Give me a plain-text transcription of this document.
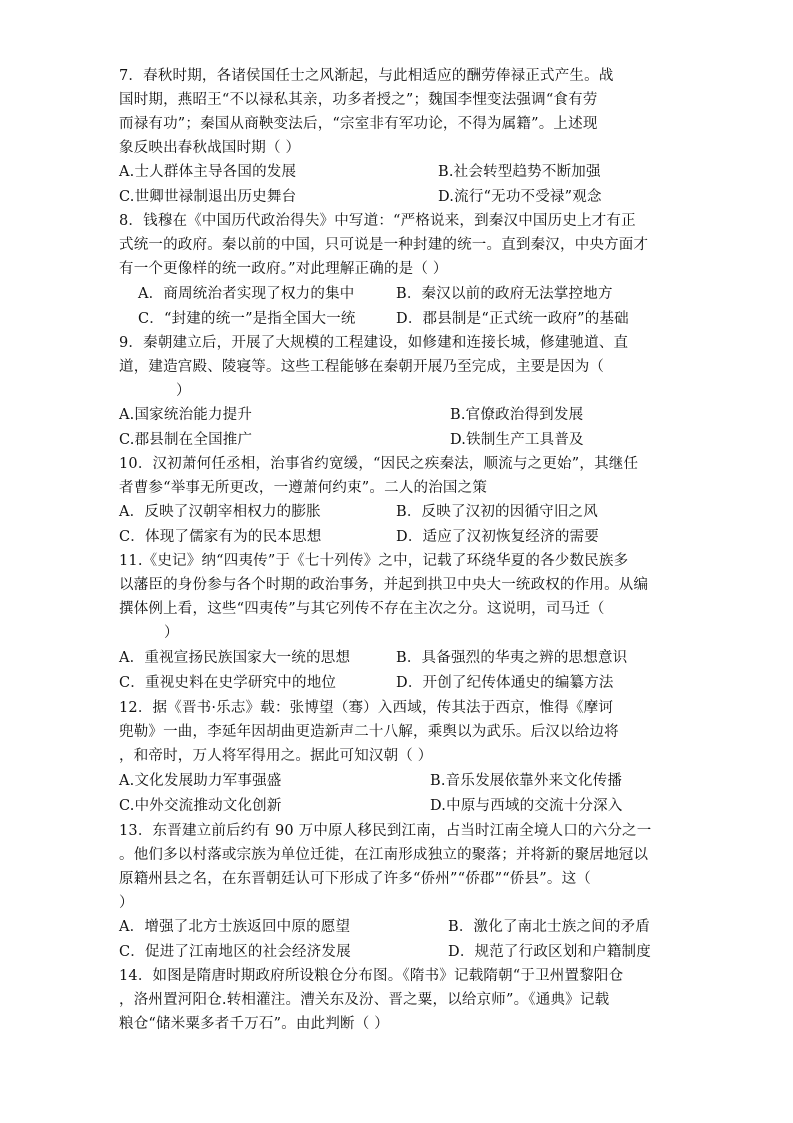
7．春秋时期，各诸侯国任士之风渐起，与此相适应的酬劳俸禄正式产生。战
国时期，燕昭王“不以禄私其亲，功多者授之”；魏国李悝变法强调“食有劳
而禄有功”；秦国从商鞅变法后，“宗室非有军功论，不得为属籍”。上述现
象反映出春秋战国时期（ ）
A.士人群体主导各国的发展	B.社会转型趋势不断加强
C.世卿世禄制退出历史舞台	D.流行“无功不受禄”观念
8．钱穆在《中国历代政治得失》中写道：“严格说来，到秦汉中国历史上才有正
式统一的政府。秦以前的中国，只可说是一种封建的统一。直到秦汉，中央方面才
有一个更像样的统一政府。”对此理解正确的是（ ）
A．商周统治者实现了权力的集中	B．秦汉以前的政府无法掌控地方
C．“封建的统一”是指全国大一统	D．郡县制是“正式统一政府”的基础
9．秦朝建立后，开展了大规模的工程建设，如修建和连接长城，修建驰道、直
道，建造宫殿、陵寝等。这些工程能够在秦朝开展乃至完成，主要是因为（
）
A.国家统治能力提升	B.官僚政治得到发展
C.郡县制在全国推广	D.铁制生产工具普及
10．汉初萧何任丞相，治事省约宽缓，“因民之疾秦法，顺流与之更始”，其继任
者曹参“举事无所更改，一遵萧何约束”。二人的治国之策
A．反映了汉朝宰相权力的膨胀	B．反映了汉初的因循守旧之风
C．体现了儒家有为的民本思想	D．适应了汉初恢复经济的需要
11.《史记》纳“四夷传”于《七十列传》之中，记载了环绕华夏的各少数民族多
以藩臣的身份参与各个时期的政治事务，并起到拱卫中央大一统政权的作用。从编
撰体例上看，这些“四夷传”与其它列传不存在主次之分。这说明，司马迁（
）
A．重视宣扬民族国家大一统的思想	B．具备强烈的华夷之辨的思想意识
C．重视史料在史学研究中的地位	D．开创了纪传体通史的编纂方法
12．据《晋书·乐志》载：张博望（骞）入西域，传其法于西京，惟得《摩诃
兜勒》一曲，李延年因胡曲更造新声二十八解，乘舆以为武乐。后汉以给边将
，和帝时，万人将军得用之。据此可知汉朝（ ）
A.文化发展助力军事强盛	B.音乐发展依靠外来文化传播
C.中外交流推动文化创新	D.中原与西域的交流十分深入
13．东晋建立前后约有 90 万中原人移民到江南，占当时江南全境人口的六分之一
。他们多以村落或宗族为单位迁徙，在江南形成独立的聚落；并将新的聚居地冠以
原籍州县之名，在东晋朝廷认可下形成了许多“侨州”“侨郡”“侨县”。这（
）
A．增强了北方士族返回中原的愿望	B．激化了南北士族之间的矛盾
C．促进了江南地区的社会经济发展	D．规范了行政区划和户籍制度
14．如图是隋唐时期政府所设粮仓分布图。《隋书》记载隋朝“于卫州置黎阳仓
，洛州置河阳仓.转相灌注。漕关东及汾、晋之粟，以给京师”。《通典》记载
粮仓“储米粟多者千万石”。由此判断（ ）
